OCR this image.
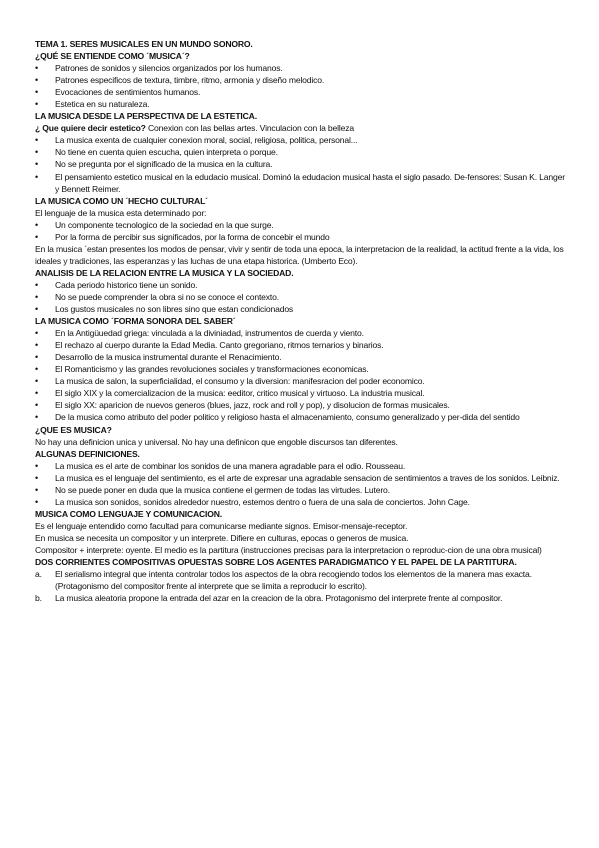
TEMA 1. SERES MUSICALES EN UN MUNDO SONORO.
¿QUÉ SE ENTIENDE COMO ´MUSICA´?
• Patrones de sonidos y silencios organizados por los humanos.
• Patrones especificos de textura, timbre, ritmo, armonia y diseño melodico.
• Evocaciones de sentimientos humanos.
• Estetica en su naturaleza.
LA MUSICA DESDE LA PERSPECTIVA DE LA ESTETICA.
¿ Que quiere decir estetico? Conexion con las bellas artes. Vinculacion con la belleza
• La musica exenta de cualquier conexion moral, social, religiosa, politica, personal...
• No tiene en cuenta quien escucha, quien interpreta o porque.
• No se pregunta por el significado de la musica en la cultura.
• El pensamiento estetico musical en la edudacio musical. Dominó la edudacion musical hasta el siglo pasado. De-fensores: Susan K. Langer y Bennett Reimer.
LA MUSICA COMO UN ´HECHO CULTURAL´
El lenguaje de la musica esta determinado por:
• Un componente tecnologico de la sociedad en la que surge.
• Por la forma de percibir sus significados, por la forma de concebir el mundo
En la musica ´estan presentes los modos de pensar, vivir y sentir de toda una epoca, la interpretacion de la realidad, la actitud frente a la vida, los ideales y tradiciones, las esperanzas y las luchas de una etapa historica. (Umberto Eco).
ANALISIS DE LA RELACION ENTRE LA MUSICA Y LA SOCIEDAD.
• Cada periodo historico tiene un sonido.
• No se puede comprender la obra si no se conoce el contexto.
• Los gustos musicales no son libres sino que estan condicionados
LA MUSICA COMO ´FORMA SONORA DEL SABER´
• En la Antigüuedad griega: vinculada a la diviniadad, instrumentos de cuerda y viento.
• El rechazo al cuerpo durante la Edad Media. Canto gregoriano, ritmos ternarios y binarios.
• Desarrollo de la musica instrumental durante el Renacimiento.
• El Romanticismo y las grandes revoluciones sociales y transformaciones economicas.
• La musica de salon, la superficialidad, el consumo y la diversion: manifesracion del poder economico.
• El siglo XIX y la comercializacion de la musica: eeditor, critico musical y virtuoso. La industria musical.
• El siglo XX: aparicion de nuevos generos (blues, jazz, rock and roll y pop), y disolucion de formas musicales.
• De la musica como atributo del poder politico y religioso hasta el almacenamiento, consumo generalizado y per-dida del sentido
¿QUE ES MUSICA?
No hay una definicion unica y universal. No hay una definicon que engoble discursos tan diferentes.
ALGUNAS DEFINICIONES.
• La musica es el arte de combinar los sonidos de una manera agradable para el odio. Rousseau.
• La musica es el lenguaje del sentimiento, es el arte de expresar una agradable sensacion de sentimientos a traves de los sonidos. Leibniz.
• No se puede poner en duda que la musica contiene el germen de todas las virtudes. Lutero.
• La musica son sonidos, sonidos alrededor nuestro, estemos dentro o fuera de una sala de conciertos. John Cage.
MUSICA COMO LENGUAJE Y COMUNICACION.
Es el lenguaje entendido como facultad para comunicarse mediante signos. Emisor-mensaje-receptor.
En musica se necesita un compositor y un interprete. Difiere en culturas, epocas o generos de musica.
Compositor + interprete: oyente. El medio es la partitura (instrucciones precisas para la interpretacion o reproduc-cion de una obra musical)
DOS CORRIENTES COMPOSITIVAS OPUESTAS SOBRE LOS AGENTES PARADIGMATICO Y EL PAPEL DE LA PARTITURA.
a. El serialismo integral que intenta controlar todos los aspectos de la obra recogiendo todos los elementos de la manera mas exacta. (Protagonismo del compositor frente al interprete que se limita a reproducir lo escrito).
b. La musica aleatoria propone la entrada del azar en la creacion de la obra. Protagonismo del interprete frente al compositor.
